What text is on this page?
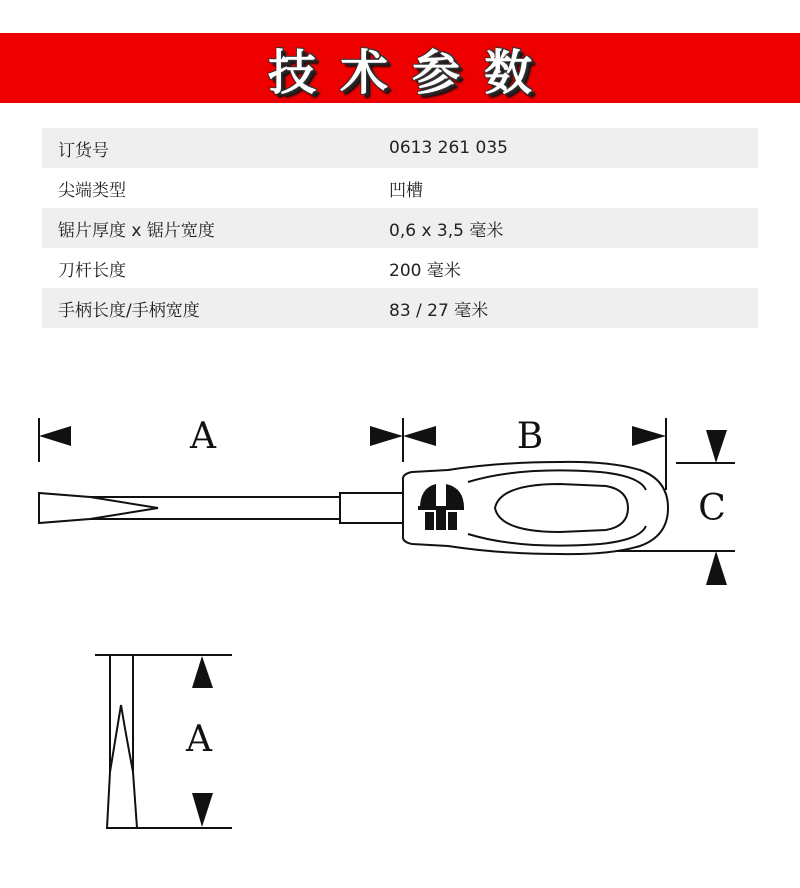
技术参数
订货号	0613 261 035
尖端类型	凹槽
锯片厚度 x 锯片宽度	0,6 x 3,5 毫米
刀杆长度	200 毫米
手柄长度/手柄宽度	83 / 27 毫米
A	B
C
A
